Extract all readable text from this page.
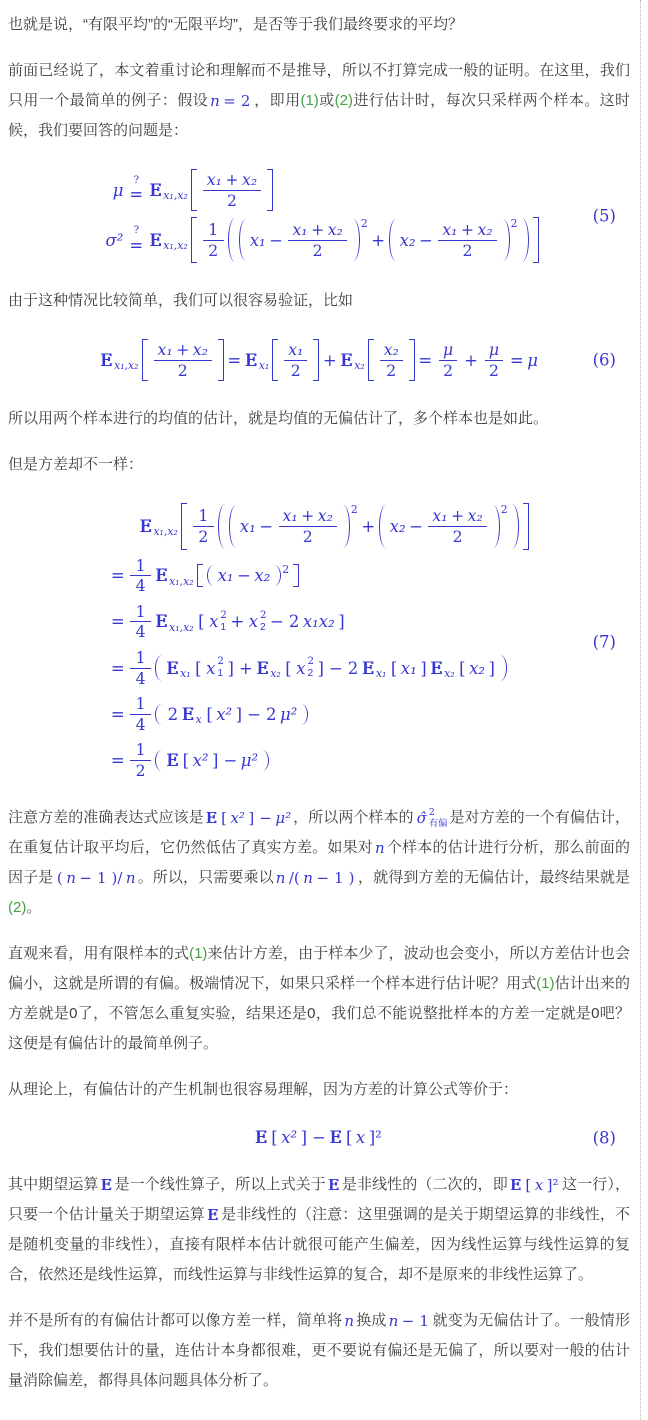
也就是说，“有限平均”的“无限平均”，是否等于我们最终要求的平均？

前面已经说了，本文着重讨论和理解而不是推导，所以不打算完成一般的证明。在这里，我们只用一个最简单的例子：假设 n = 2 ，即用(1)或(2)进行估计时，每次只采样两个样本。这时候，我们要回答的问题是：

μ ?
= E E $x_1,x_2 \frac{\text{x₁ + x₂}}{2}$
σ² ?
= E E $x_1,x_2 \frac{1}{2} x_1 - \frac{\text{x₁ + x₂}}{2} 2$
+ $x_2 - \frac{\text{x₁ + x₂}}{2} 2$	(5)

由于这种情况比较简单，我们可以很容易验证，比如

E E $x_1,x_2 \frac{\text{x₁ + x₂}}{2} = E$ E $x_1 \frac{\text{x₁}}{2} + E$ E $x_2 \frac{\text{x₂}}{2} = \frac{\mu}{2} + \frac{\mu}{2} = \mu$	(6)

所以用两个样本进行的均值的估计，就是均值的无偏估计了，多个样本也是如此。

但是方差却不一样：

E E $x_1,x_2 \frac{1}{2} x_1 - \frac{\text{x₁ + x₂}}{2} 2$
+ $x_2 - \frac{\text{x₁ + x₂}}{2} 2$
= $\frac{1}{4}$ E E x₁,x₂ x₁ − x₂ 2
= $\frac{1}{4}$ E E x₁,x₂ [ x 2
1 + x 2
2 − 2 x₁x₂ ]
= $\frac{1}{4}$ E E x₁ [ x 2
1 ] + E E x₂ [ x 2
2 ] − 2 E E x₁ [ x₁ ] E E x₂ [ x₂ ]
= $\frac{1}{4} 2$ E E x [ x² ] − 2 μ²
= $\frac{1}{2}$ E E [ x² ] − μ²
(7)

注意方差的准确表达式应该是 E E [ x² ] − μ² ，所以两个样本的 σ̂ 2
有偏 是对方差的一个有偏估计，在重复估计取平均后，它仍然低估了真实方差。如果对 n 个样本的估计进行分析，那么前面的因子是 ( n − 1 )/ n 。所以，只需要乘以 n /( n − 1 ) ，就得到方差的无偏估计，最终结果就是(2)。

直观来看，用有限样本的式(1)来估计方差，由于样本少了，波动也会变小，所以方差估计也会偏小，这就是所谓的有偏。极端情况下，如果只采样一个样本进行估计呢？用式(1)估计出来的方差就是0了，不管怎么重复实验，结果还是0，我们总不能说整批样本的方差一定就是0吧？这便是有偏估计的最简单例子。

从理论上，有偏估计的产生机制也很容易理解，因为方差的计算公式等价于：

E E [ x² ] − E E [ x ]²	(8)

其中期望运算 E E 是一个线性算子，所以上式关于 E E 是非线性的（二次的，即 E E [ x ]² 这一行），只要一个估计量关于期望运算 E E 是非线性的（注意：这里强调的是关于期望运算的非线性，不是随机变量的非线性），直接有限样本估计就很可能产生偏差，因为线性运算与线性运算的复合，依然还是线性运算，而线性运算与非线性运算的复合，却不是原来的非线性运算了。

并不是所有的有偏估计都可以像方差一样，简单将 n 换成 n − 1 就变为无偏估计了。一般情形下，我们想要估计的量，连估计本身都很难，更不要说有偏还是无偏了，所以要对一般的估计量消除偏差，都得具体问题具体分析了。
